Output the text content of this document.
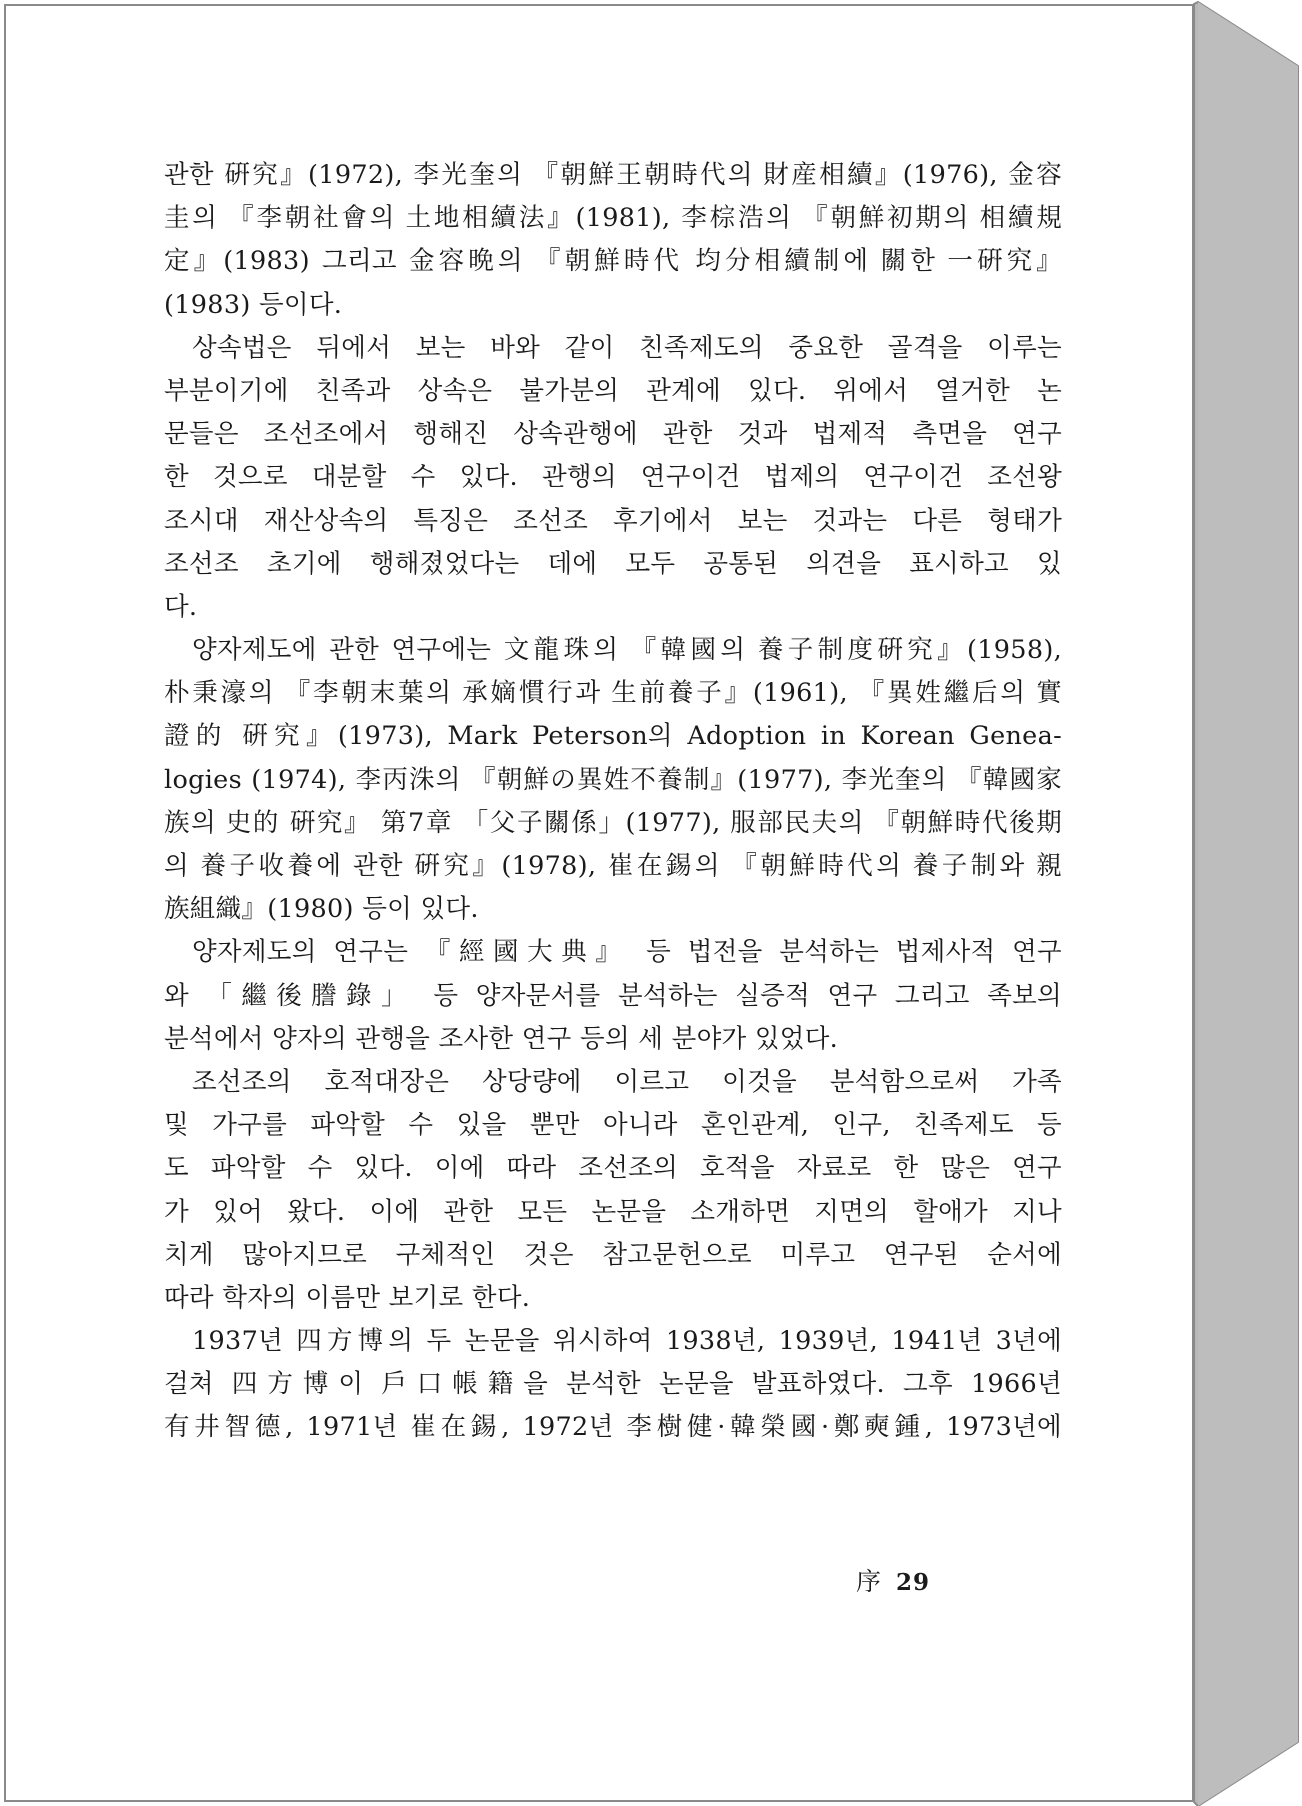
관한 硏究』(1972), 李光奎의 『朝鮮王朝時代의 財産相續』(1976), 金容
圭의 『李朝社會의 土地相續法』(1981), 李棕浩의 『朝鮮初期의 相續規
定』(1983) 그리고 金容晩의 『朝鮮時代 均分相續制에 關한 一硏究』
(1983) 등이다.
상속법은 뒤에서 보는 바와 같이 친족제도의 중요한 골격을 이루는
부분이기에 친족과 상속은 불가분의 관계에 있다. 위에서 열거한 논
문들은 조선조에서 행해진 상속관행에 관한 것과 법제적 측면을 연구
한 것으로 대분할 수 있다. 관행의 연구이건 법제의 연구이건 조선왕
조시대 재산상속의 특징은 조선조 후기에서 보는 것과는 다른 형태가
조선조 초기에 행해졌었다는 데에 모두 공통된 의견을 표시하고 있
다.
양자제도에 관한 연구에는 文龍珠의 『韓國의 養子制度硏究』(1958),
朴秉濠의 『李朝末葉의 承嫡慣行과 生前養子』(1961), 『異姓繼后의 實
證的 硏究』(1973), Mark Peterson의 Adoption in Korean Genea-
logies (1974), 李丙洙의 『朝鮮の異姓不養制』(1977), 李光奎의 『韓國家
族의 史的 硏究』 第7章 「父子關係」(1977), 服部民夫의 『朝鮮時代後期
의 養子收養에 관한 硏究』(1978), 崔在錫의 『朝鮮時代의 養子制와 親
族組織』(1980) 등이 있다.
양자제도의 연구는 『經國大典』 등 법전을 분석하는 법제사적 연구
와 「繼後謄錄」 등 양자문서를 분석하는 실증적 연구 그리고 족보의
분석에서 양자의 관행을 조사한 연구 등의 세 분야가 있었다.
조선조의 호적대장은 상당량에 이르고 이것을 분석함으로써 가족
및 가구를 파악할 수 있을 뿐만 아니라 혼인관계, 인구, 친족제도 등
도 파악할 수 있다. 이에 따라 조선조의 호적을 자료로 한 많은 연구
가 있어 왔다. 이에 관한 모든 논문을 소개하면 지면의 할애가 지나
치게 많아지므로 구체적인 것은 참고문헌으로 미루고 연구된 순서에
따라 학자의 이름만 보기로 한다.
1937년 四方博의 두 논문을 위시하여 1938년, 1939년, 1941년 3년에
걸쳐 四方博이 戶口帳籍을 분석한 논문을 발표하였다. 그후 1966년
有井智德, 1971년 崔在錫, 1972년 李樹健·韓榮國·鄭奭鍾, 1973년에
序 29
